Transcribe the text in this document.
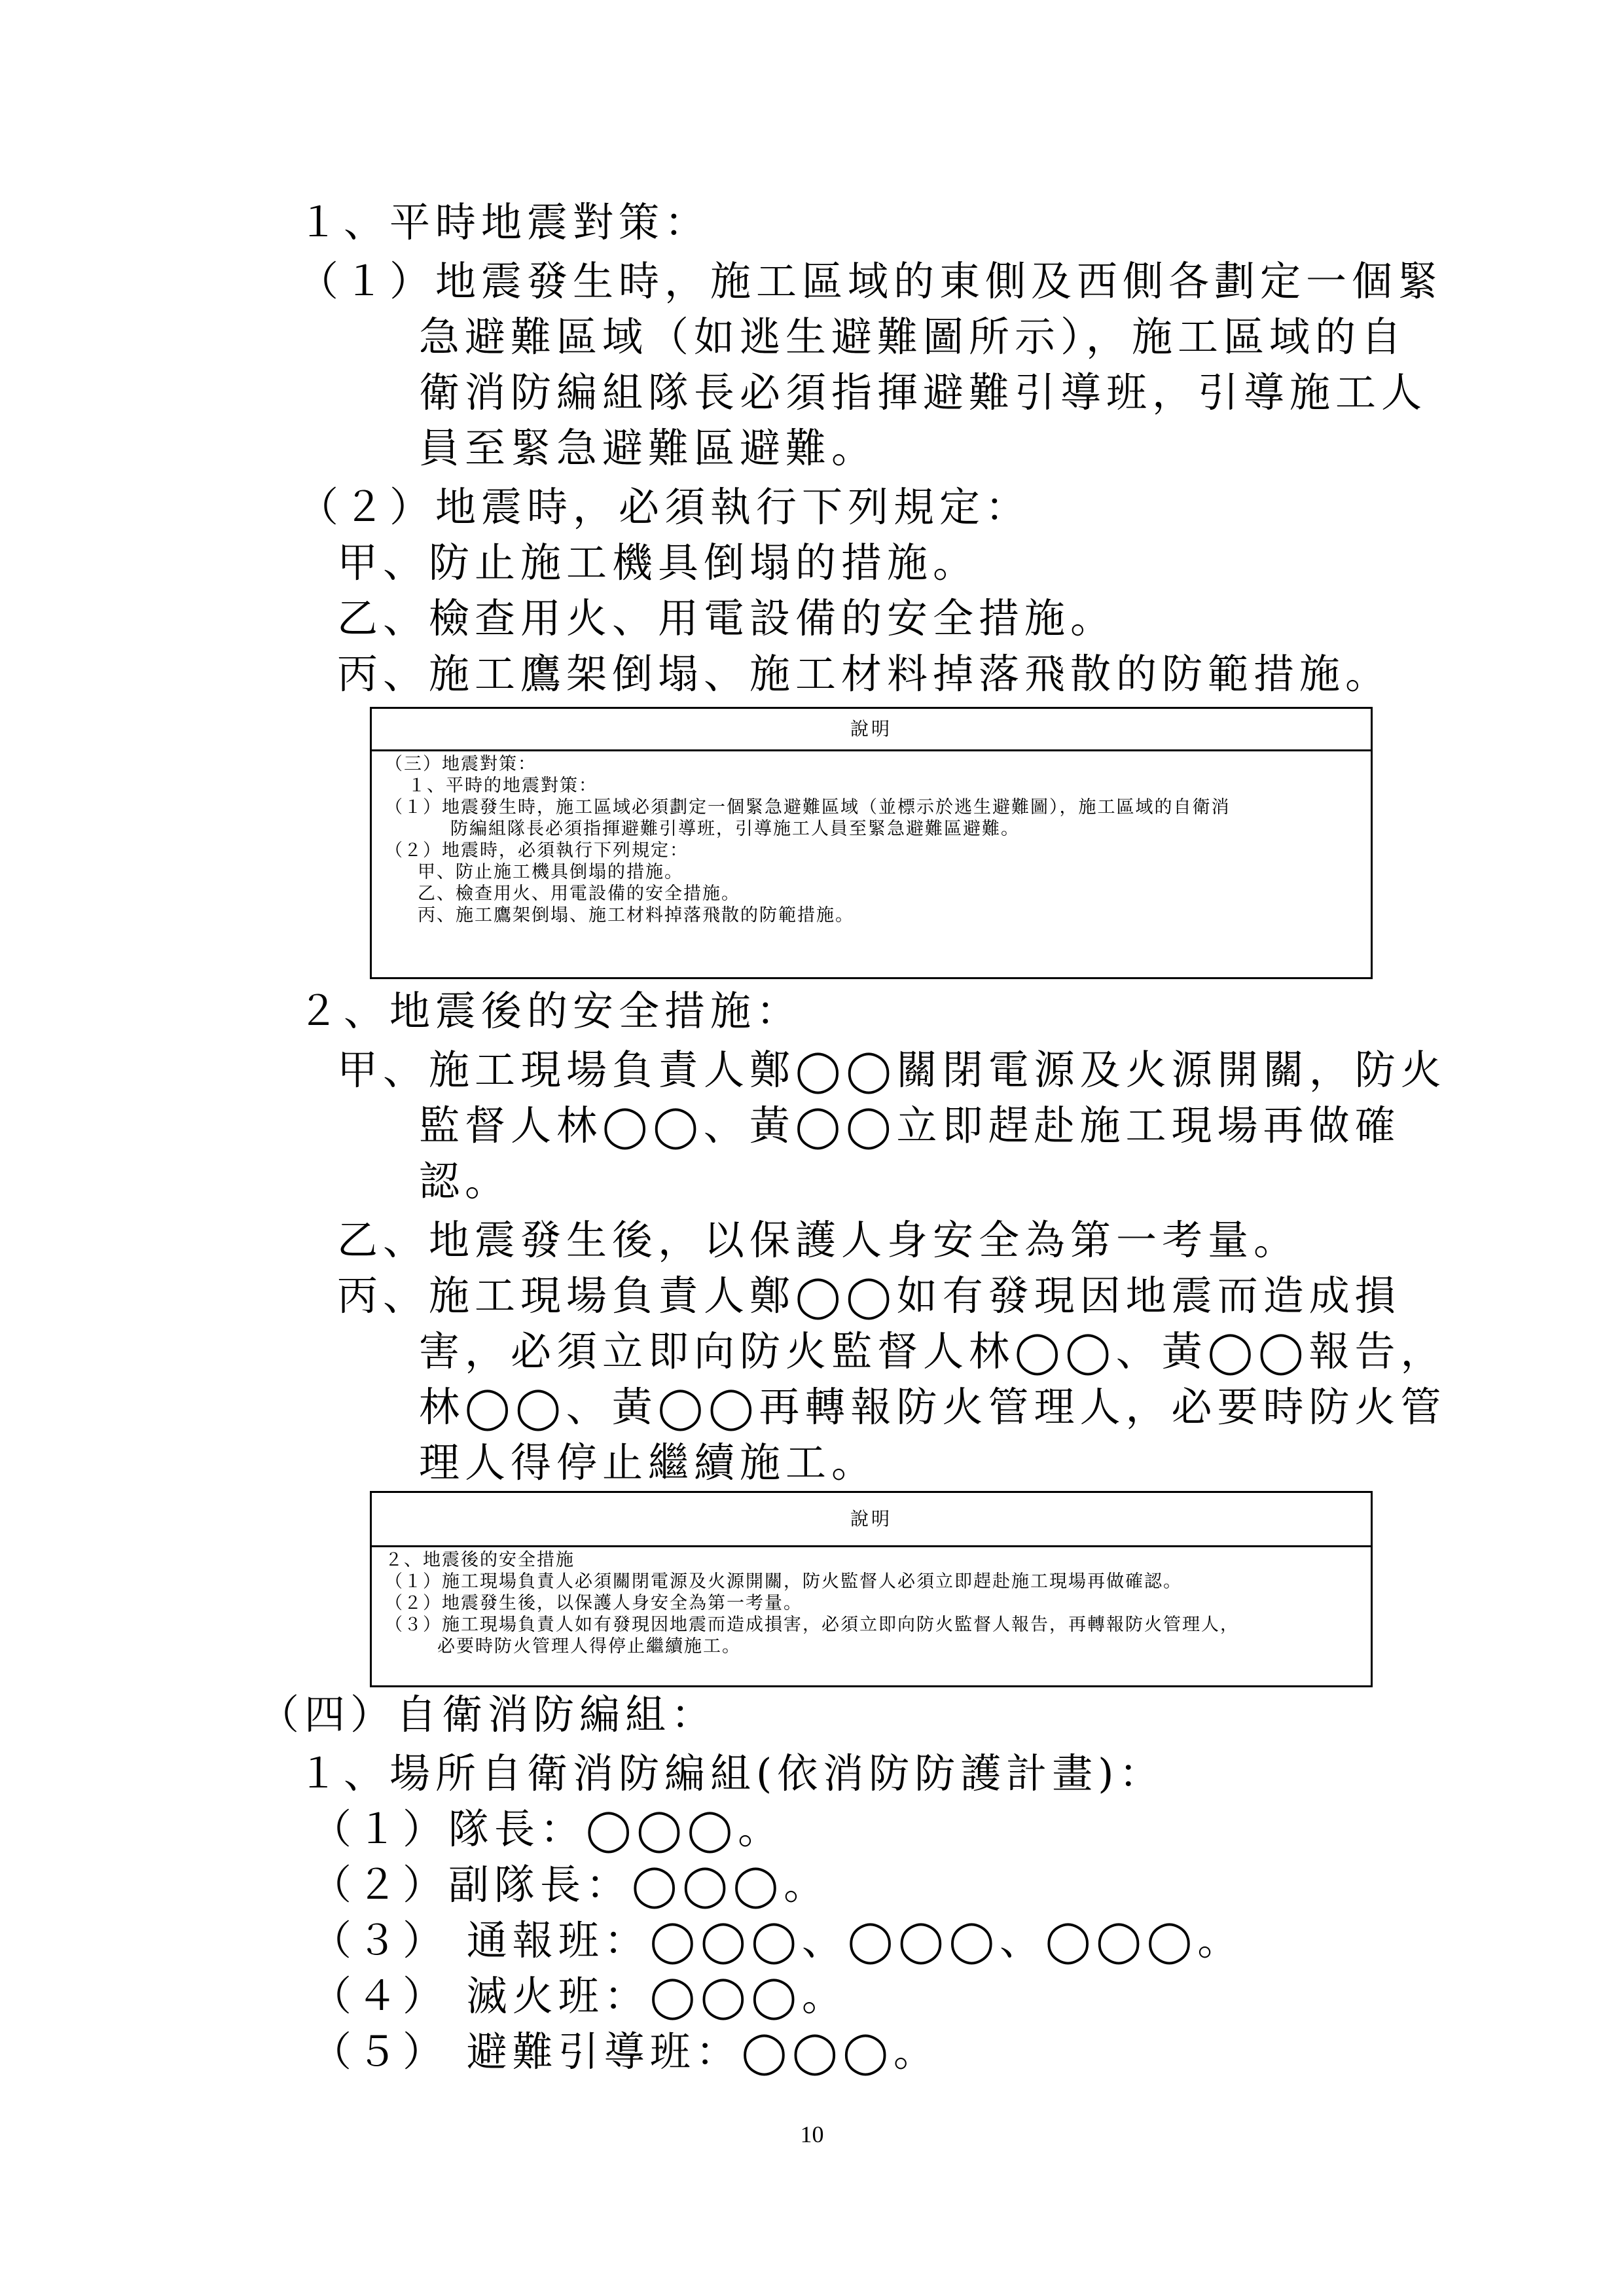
１、平時地震對策：
（１）地震發生時，施工區域的東側及西側各劃定一個緊
急避難區域（如逃生避難圖所示），施工區域的自
衛消防編組隊長必須指揮避難引導班，引導施工人
員至緊急避難區避難。
（２）地震時，必須執行下列規定：
甲、防止施工機具倒塌的措施。
乙、檢查用火、用電設備的安全措施。
丙、施工鷹架倒塌、施工材料掉落飛散的防範措施。
說明
（三）地震對策：
１、平時的地震對策：
（１）地震發生時，施工區域必須劃定一個緊急避難區域（並標示於逃生避難圖），施工區域的自衛消
防編組隊長必須指揮避難引導班，引導施工人員至緊急避難區避難。
（２）地震時，必須執行下列規定：
甲、防止施工機具倒塌的措施。
乙、檢查用火、用電設備的安全措施。
丙、施工鷹架倒塌、施工材料掉落飛散的防範措施。
２、地震後的安全措施：
甲、施工現場負責人鄭◯◯關閉電源及火源開關，防火
監督人林◯◯、黃◯◯立即趕赴施工現場再做確
認。
乙、地震發生後，以保護人身安全為第一考量。
丙、施工現場負責人鄭◯◯如有發現因地震而造成損
害，必須立即向防火監督人林◯◯、黃◯◯報告，
林◯◯、黃◯◯再轉報防火管理人，必要時防火管
理人得停止繼續施工。
說明
２、地震後的安全措施
（１）施工現場負責人必須關閉電源及火源開關，防火監督人必須立即趕赴施工現場再做確認。
（２）地震發生後，以保護人身安全為第一考量。
（３）施工現場負責人如有發現因地震而造成損害，必須立即向防火監督人報告，再轉報防火管理人，
必要時防火管理人得停止繼續施工。
（四）自衛消防編組：
１、場所自衛消防編組(依消防防護計畫)：
（１）隊長：◯◯◯。
（２）副隊長：◯◯◯。
（３） 通報班：◯◯◯、◯◯◯、◯◯◯。
（４） 滅火班：◯◯◯。
（５） 避難引導班：◯◯◯。
10
